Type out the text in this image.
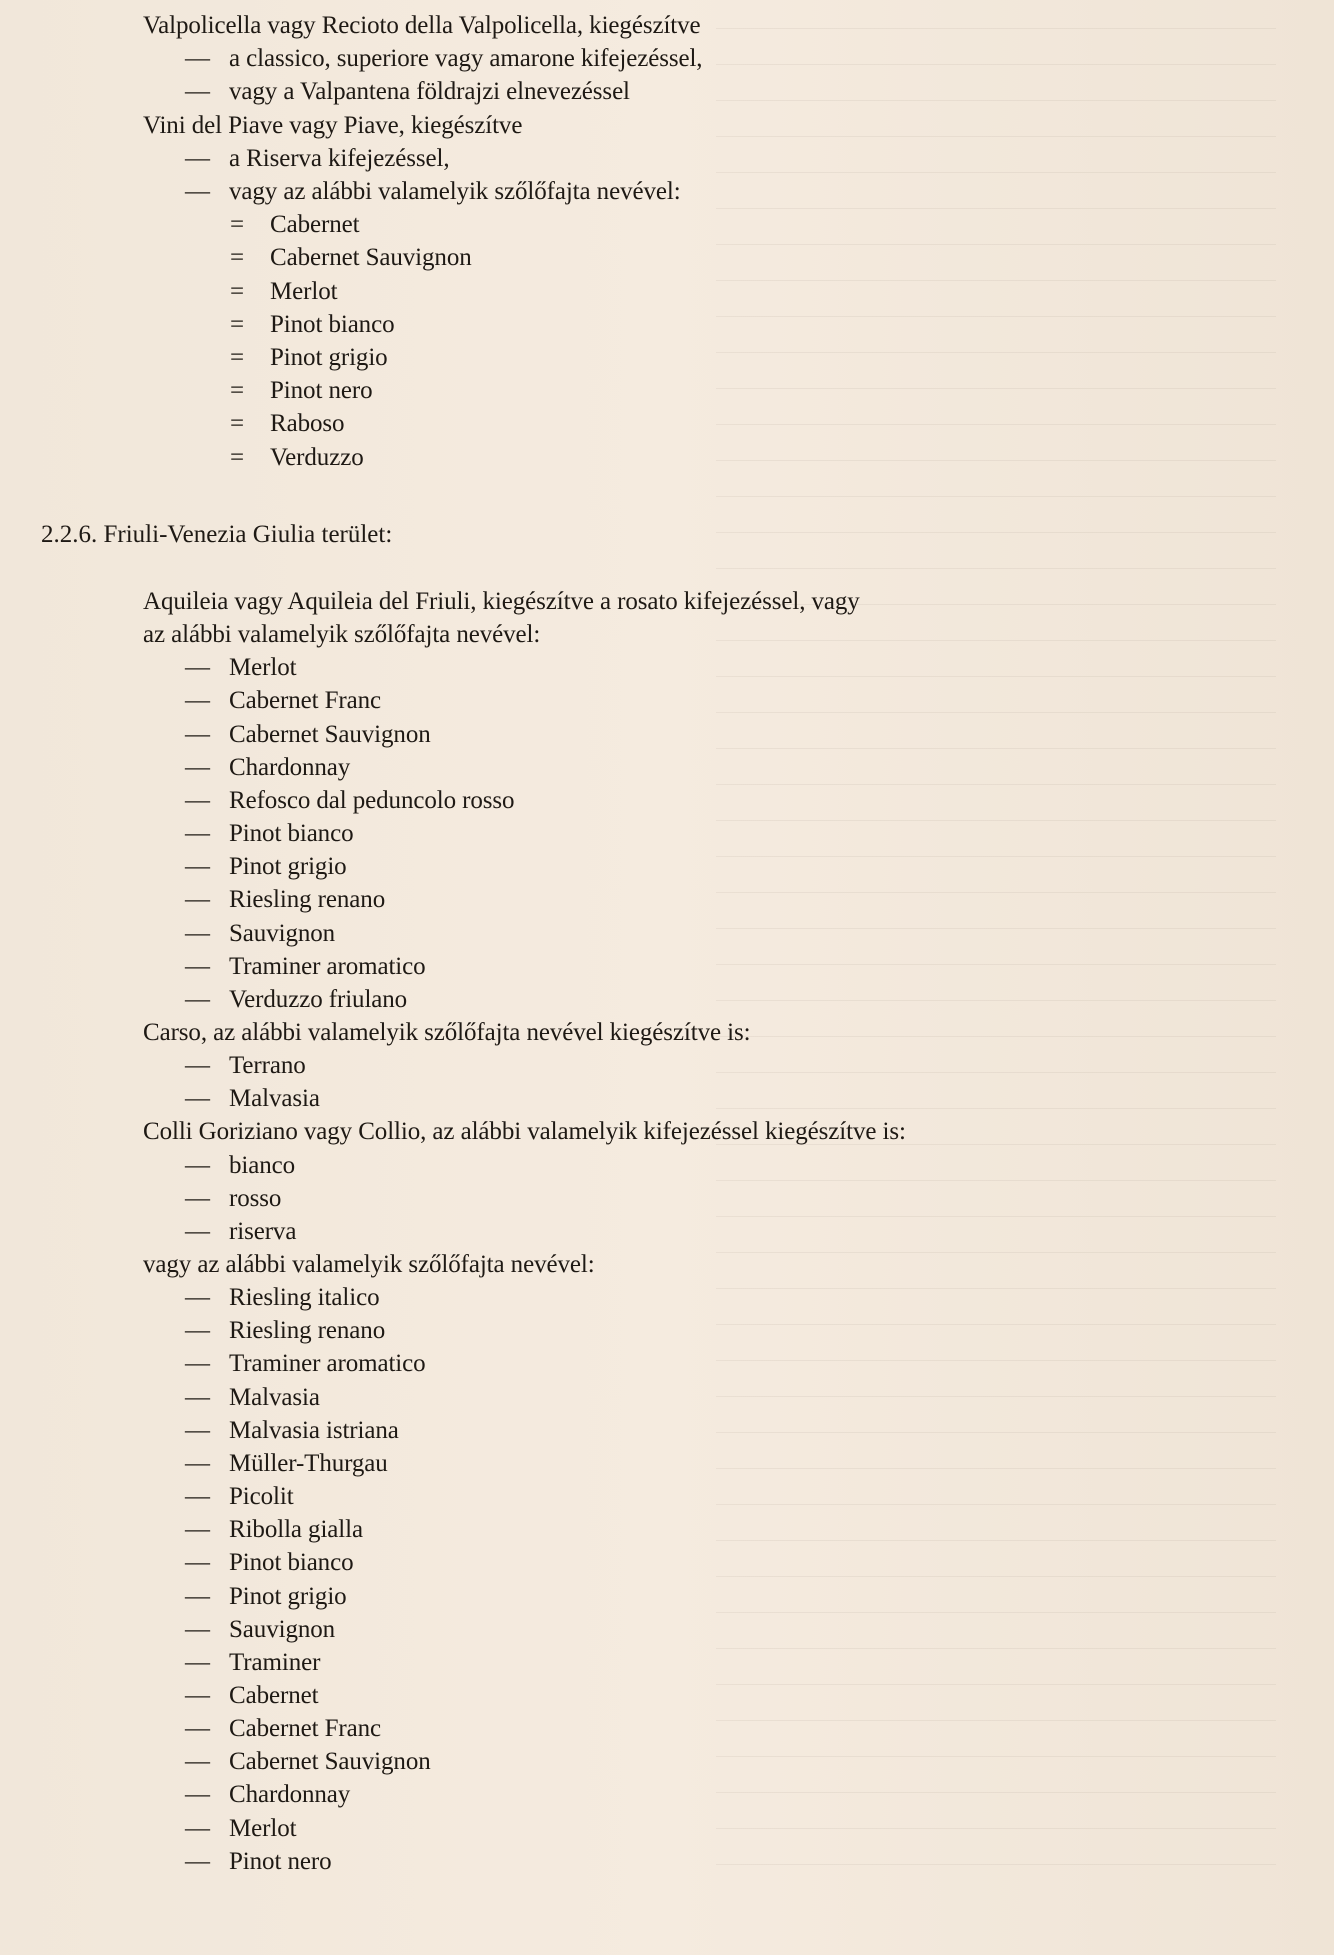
Valpolicella vagy Recioto della Valpolicella, kiegészítve
— a classico, superiore vagy amarone kifejezéssel,
— vagy a Valpantena földrajzi elnevezéssel
Vini del Piave vagy Piave, kiegészítve
— a Riserva kifejezéssel,
— vagy az alábbi valamelyik szőlőfajta nevével:
= Cabernet
= Cabernet Sauvignon
= Merlot
= Pinot bianco
= Pinot grigio
= Pinot nero
= Raboso
= Verduzzo
2.2.6. Friuli-Venezia Giulia terület:
Aquileia vagy Aquileia del Friuli, kiegészítve a rosato kifejezéssel, vagy
az alábbi valamelyik szőlőfajta nevével:
— Merlot
— Cabernet Franc
— Cabernet Sauvignon
— Chardonnay
— Refosco dal peduncolo rosso
— Pinot bianco
— Pinot grigio
— Riesling renano
— Sauvignon
— Traminer aromatico
— Verduzzo friulano
Carso, az alábbi valamelyik szőlőfajta nevével kiegészítve is:
— Terrano
— Malvasia
Colli Goriziano vagy Collio, az alábbi valamelyik kifejezéssel kiegészítve is:
— bianco
— rosso
— riserva
vagy az alábbi valamelyik szőlőfajta nevével:
— Riesling italico
— Riesling renano
— Traminer aromatico
— Malvasia
— Malvasia istriana
— Müller-Thurgau
— Picolit
— Ribolla gialla
— Pinot bianco
— Pinot grigio
— Sauvignon
— Traminer
— Cabernet
— Cabernet Franc
— Cabernet Sauvignon
— Chardonnay
— Merlot
— Pinot nero
